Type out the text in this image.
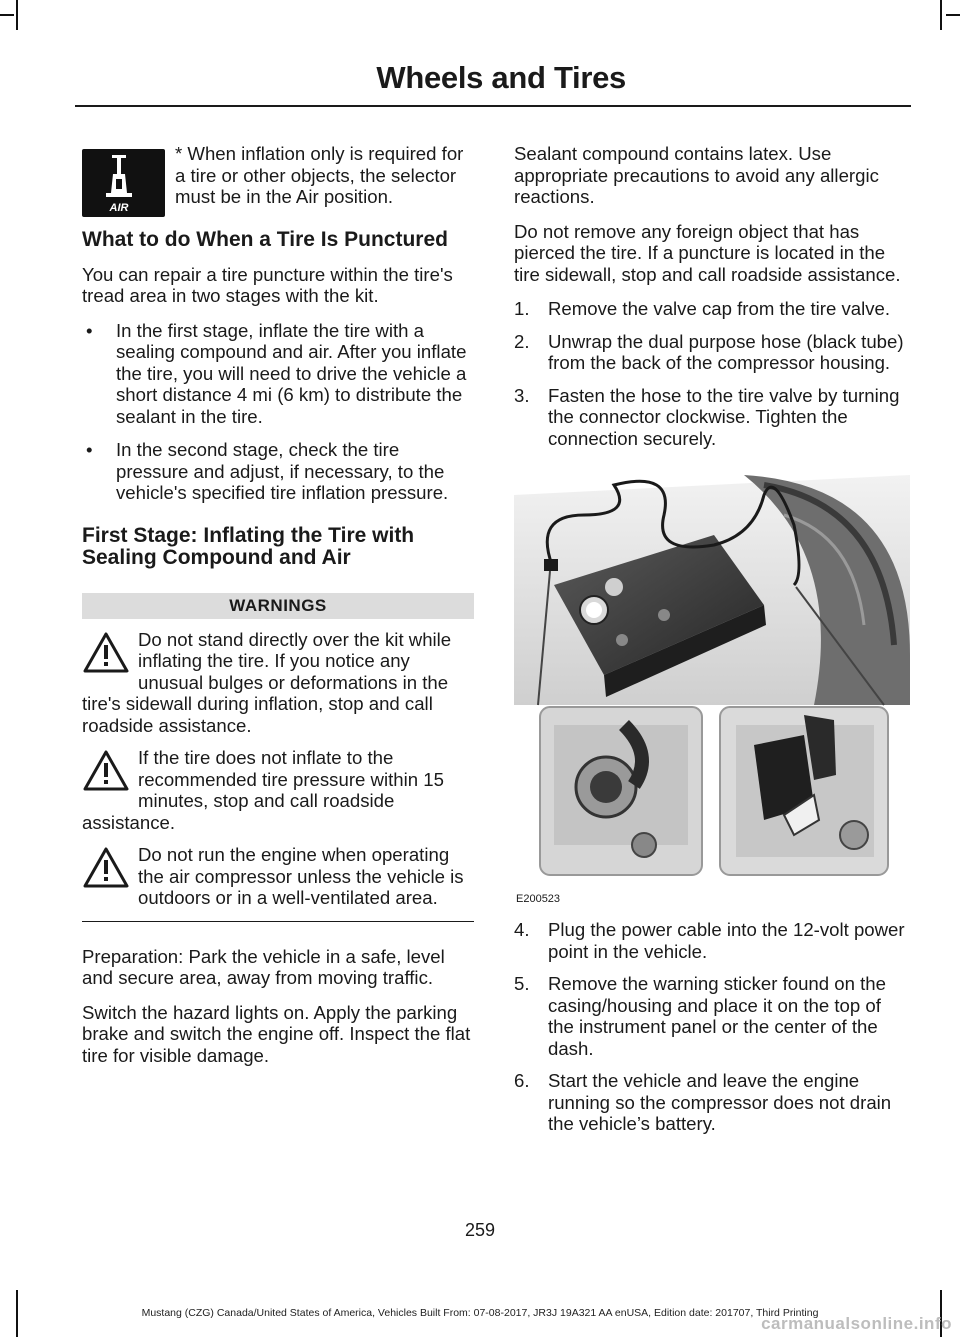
Wheels and Tires
AIR

* When inflation only is required for a tire or other objects, the selector must be in the Air position.

What to do When a Tire Is Punctured

You can repair a tire puncture within the tire's tread area in two stages with the kit.

• In the first stage, inflate the tire with a sealing compound and air. After you inflate the tire, you will need to drive the vehicle a short distance 4 mi (6 km) to distribute the sealant in the tire.
• In the second stage, check the tire pressure and adjust, if necessary, to the vehicle's specified tire inflation pressure.
First Stage: Inflating the Tire with Sealing Compound and Air
WARNINGS

Do not stand directly over the kit while inflating the tire. If you notice any unusual bulges or deformations in the tire's sidewall during inflation, stop and call roadside assistance.

If the tire does not inflate to the recommended tire pressure within 15 minutes, stop and call roadside assistance.

Do not run the engine when operating the air compressor unless the vehicle is outdoors or in a well-ventilated area.

Preparation: Park the vehicle in a safe, level and secure area, away from moving traffic.

Switch the hazard lights on. Apply the parking brake and switch the engine off. Inspect the flat tire for visible damage.

Sealant compound contains latex. Use appropriate precautions to avoid any allergic reactions.

Do not remove any foreign object that has pierced the tire. If a puncture is located in the tire sidewall, stop and call roadside assistance.

1. Remove the valve cap from the tire valve.
2. Unwrap the dual purpose hose (black tube) from the back of the compressor housing.
3. Fasten the hose to the tire valve by turning the connector clockwise. Tighten the connection securely.
E200523
4. Plug the power cable into the 12-volt power point in the vehicle.
5. Remove the warning sticker found on the casing/housing and place it on the top of the instrument panel or the center of the dash.
6. Start the vehicle and leave the engine running so the compressor does not drain the vehicle’s battery.
259
Mustang (CZG) Canada/United States of America, Vehicles Built From: 07-08-2017, JR3J 19A321 AA enUSA, Edition date: 201707, Third Printing
carmanualsonline.info
